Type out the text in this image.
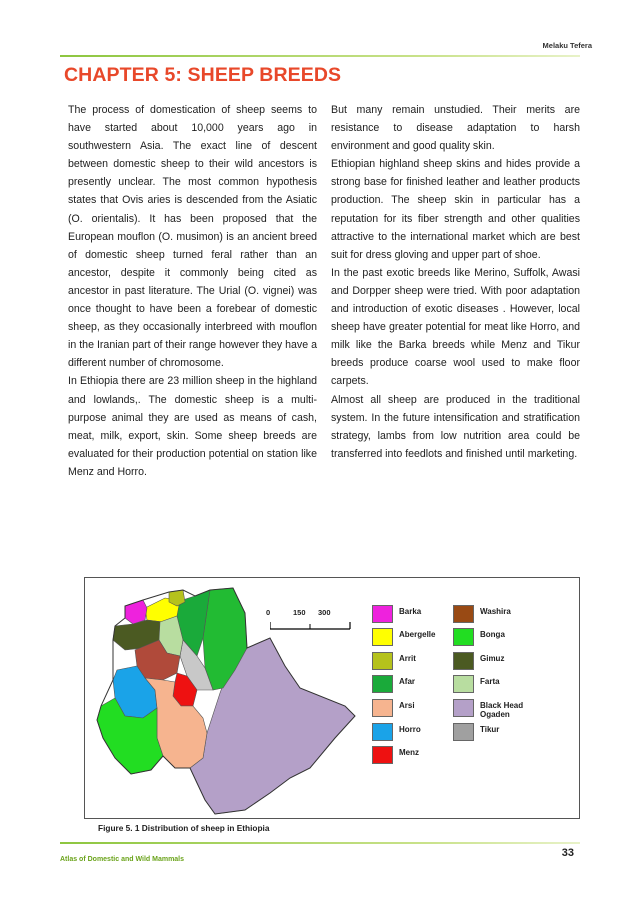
Melaku Tefera
CHAPTER 5: SHEEP BREEDS

The process of domestication of sheep seems to have started about 10,000 years ago in southwestern Asia. The exact line of descent between domestic sheep to their wild ancestors is presently unclear. The most common hypothesis states that Ovis aries is descended from the Asiatic (O. orientalis). It has been proposed that the European mouflon (O. musimon) is an ancient breed of domestic sheep turned feral rather than an ancestor, despite it commonly being cited as ancestor in past literature. The Urial (O. vignei) was once thought to have been a forebear of domestic sheep, as they occasionally interbreed with mouflon in the Iranian part of their range however they have a different number of chromosome.

In Ethiopia there are 23 million sheep in the highland and lowlands,. The domestic sheep is a multi-purpose animal they are used as means of cash, meat, milk, export, skin. Some sheep breeds are evaluated for their production potential on station like Menz and Horro.

But many remain unstudied. Their merits are resistance to disease adaptation to harsh environment and good quality skin.

Ethiopian highland sheep skins and hides provide a strong base for finished leather and leather products production. The sheep skin in particular has a reputation for its fiber strength and other qualities attractive to the international market which are best suit for dress gloving and upper part of shoe.

In the past exotic breeds like Merino, Suffolk, Awasi and Dorpper sheep were tried. With poor adaptation and introduction of exotic diseases . However, local sheep have greater potential for meat like Horro, and milk like the Barka breeds while Menz and Tikur breeds produce coarse wool used to make floor carpets.

Almost all sheep are produced in the traditional system. In the future intensification and stratification strategy, lambs from low nutrition area could be transferred into feedlots and finished until marketing.

0	150 300	Barka
Abergelle
Arrit
Afar
Arsi
Horro
Menz
Washira
Bonga
Gimuz
Farta
Black Head Ogaden
Tikur
Figure 5. 1 Distribution of sheep in Ethiopia
Atlas of Domestic and Wild Mammals
33
